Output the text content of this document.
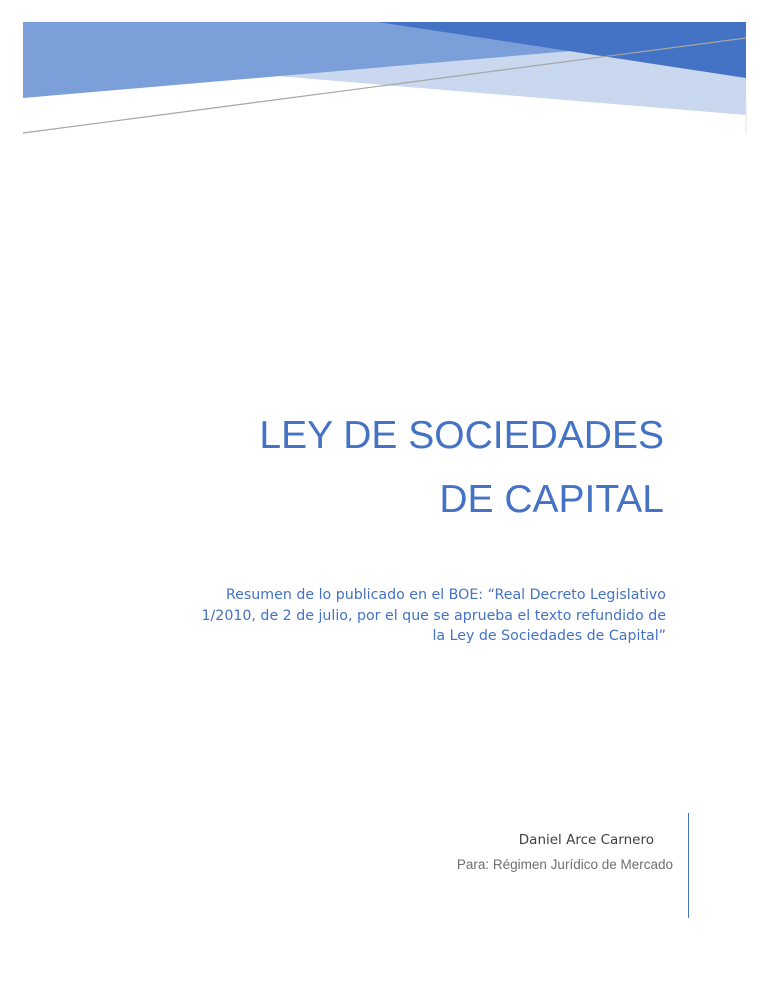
LEY DE SOCIEDADES
DE CAPITAL

Resumen de lo publicado en el BOE: “Real Decreto Legislativo
1/2010, de 2 de julio, por el que se aprueba el texto refundido de
la Ley de Sociedades de Capital”

Daniel Arce Carnero
Para: Régimen Jurídico de Mercado
